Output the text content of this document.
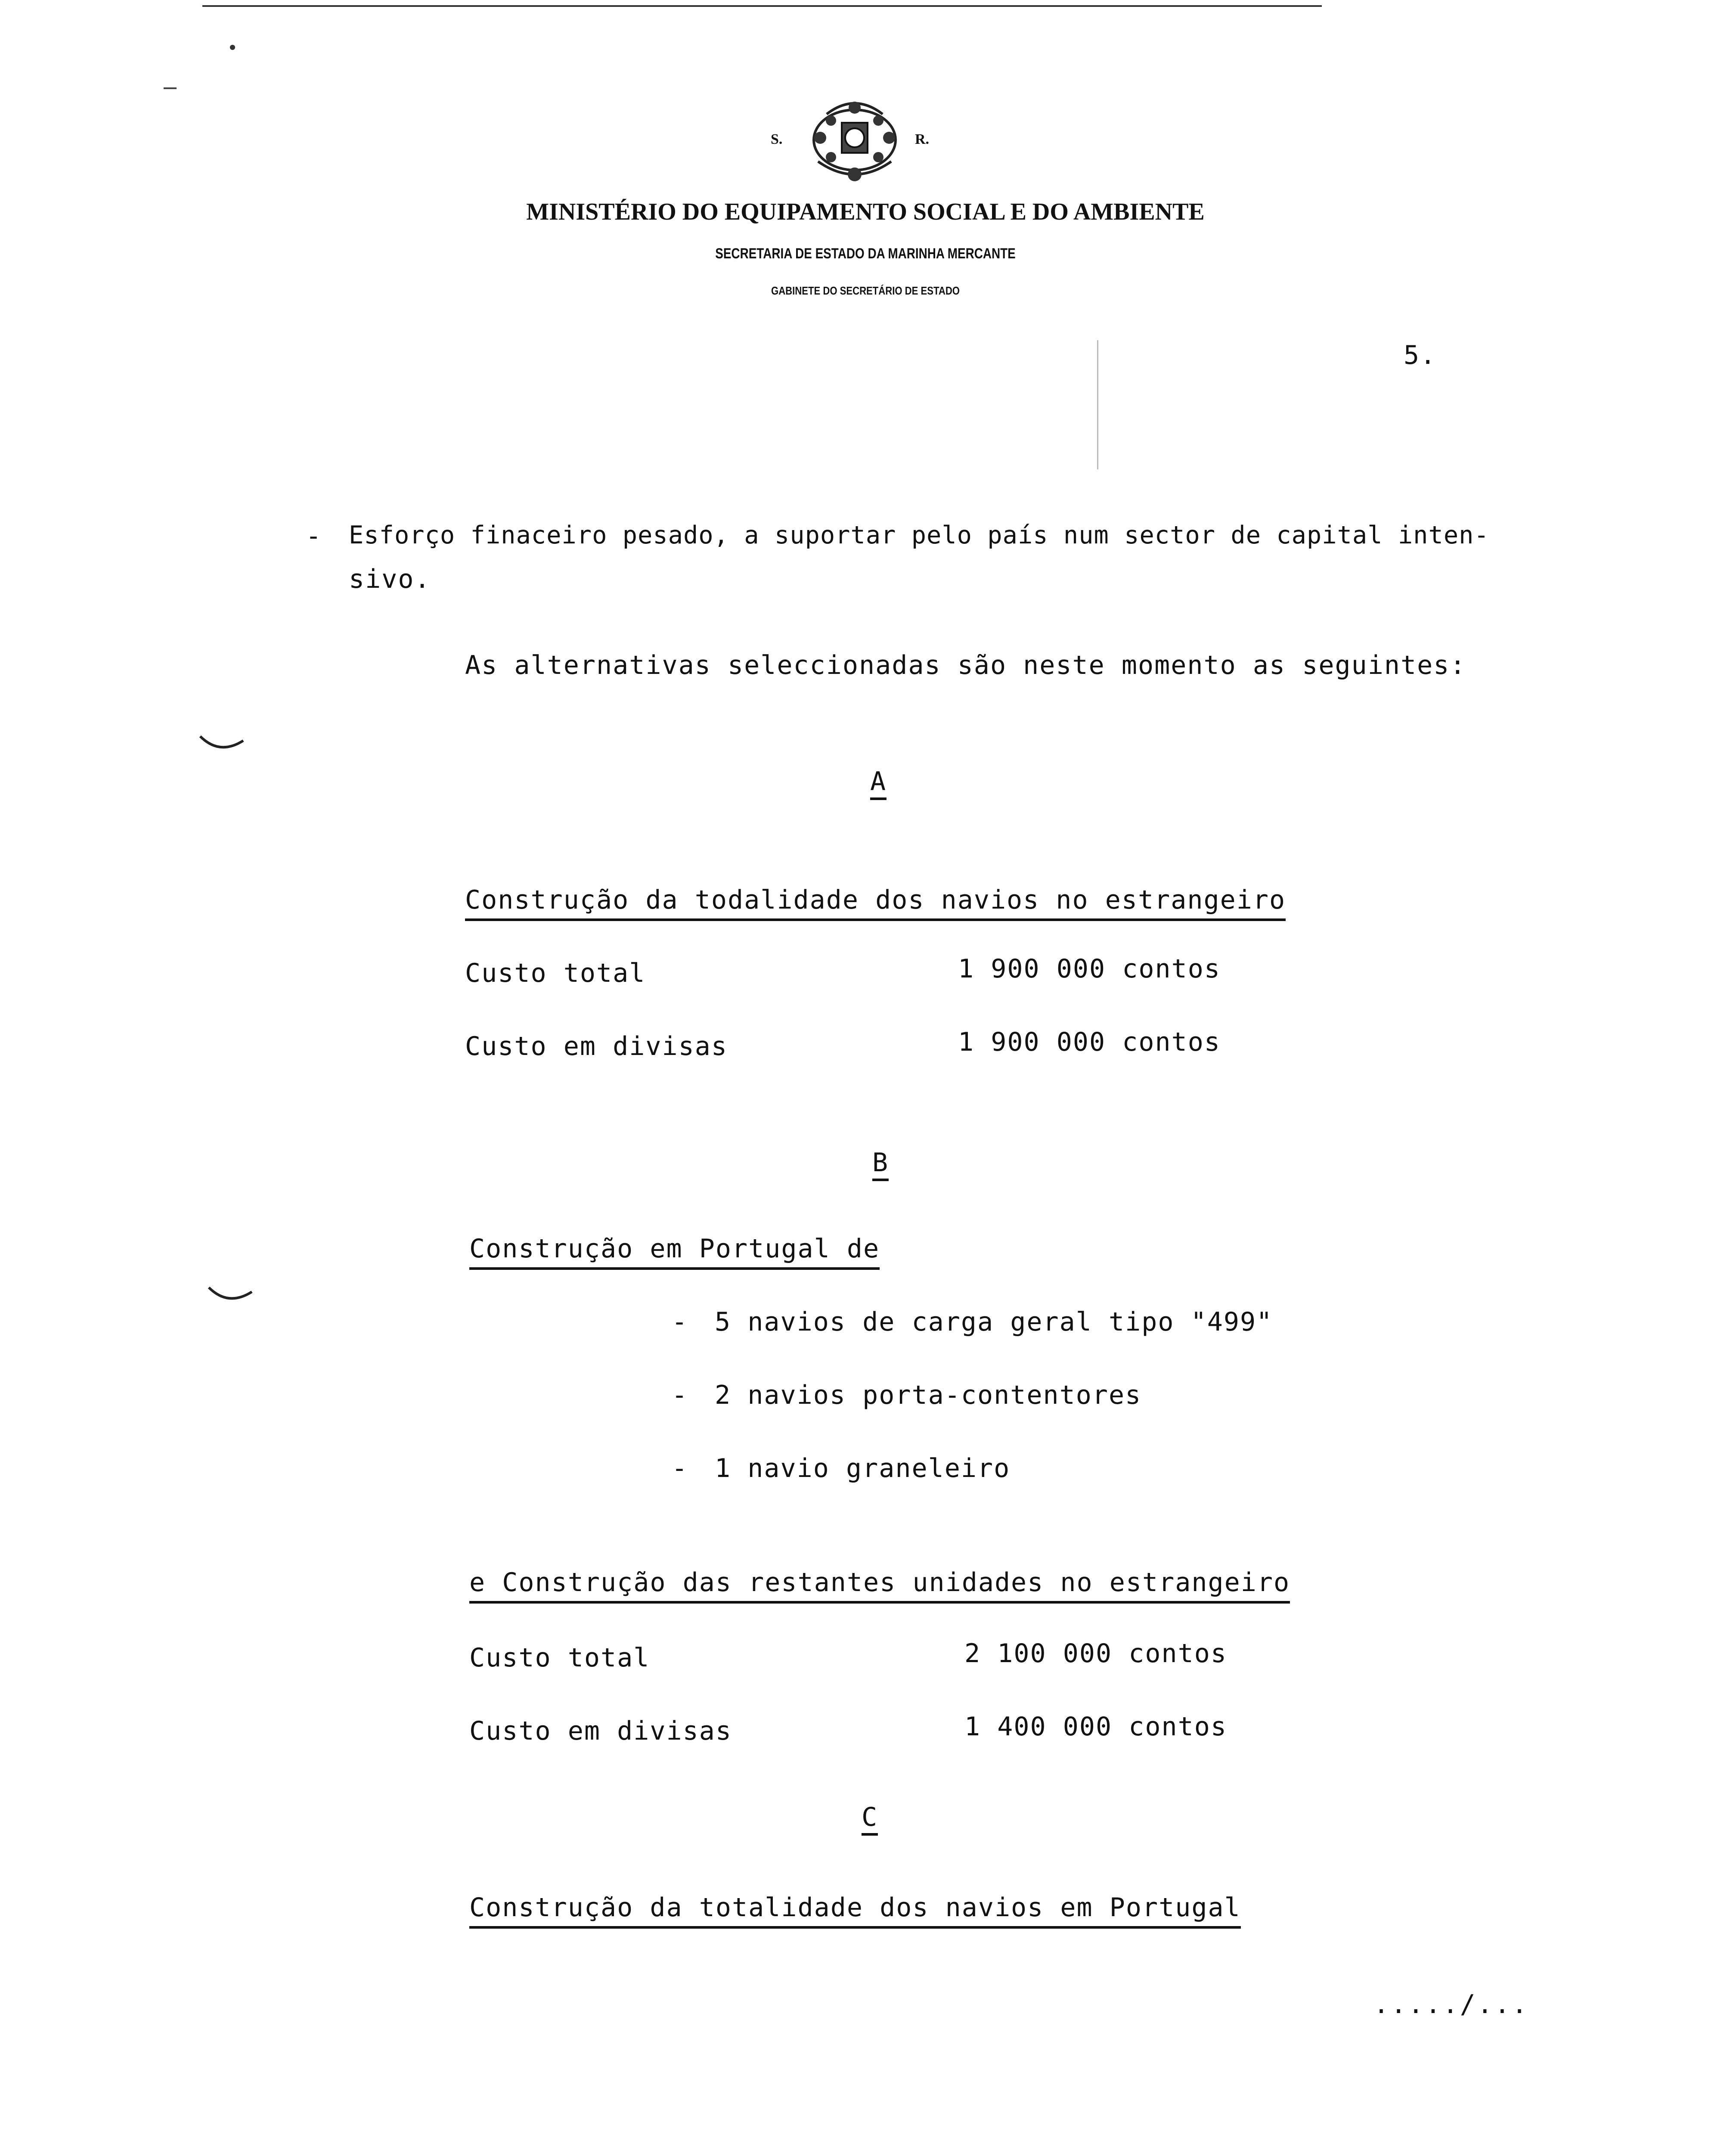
S.	R.
MINISTÉRIO DO EQUIPAMENTO SOCIAL E DO AMBIENTE
SECRETARIA DE ESTADO DA MARINHA MERCANTE
GABINETE DO SECRETÁRIO DE ESTADO
5.
- Esforço finaceiro pesado, a suportar pelo país num sector de capital inten-
sivo.
As alternativas seleccionadas são neste momento as seguintes:
A
Construção da todalidade dos navios no estrangeiro
Custo total	1 900 000 contos
Custo em divisas	1 900 000 contos
B
Construção em Portugal de
- 5 navios de carga geral tipo "499"
- 2 navios porta-contentores
- 1 navio graneleiro
e Construção das restantes unidades no estrangeiro
Custo total	2 100 000 contos
Custo em divisas	1 400 000 contos
C
Construção da totalidade dos navios em Portugal
...../...
